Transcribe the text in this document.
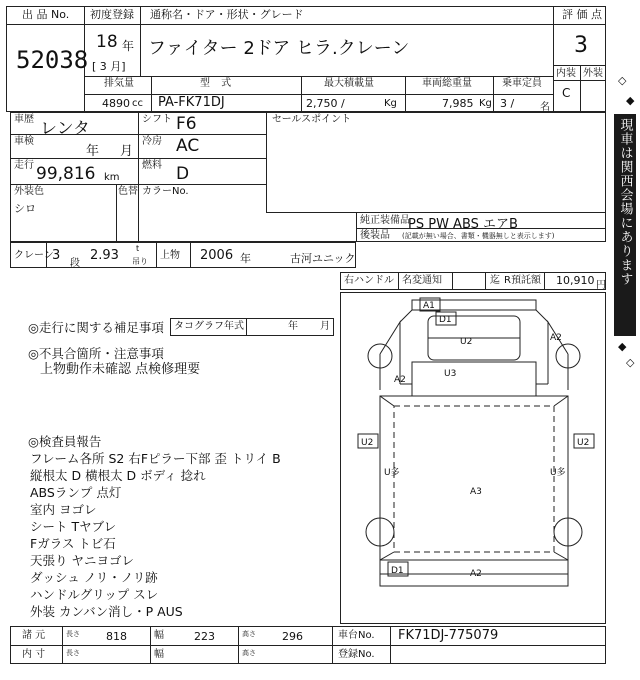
出 品 No.
52038
初度登録 通称名・ドア・形状・グレード
18 年
[ 3 月]
ファイター 2ドア ヒラ.クレーン
評 価 点
3
内装 外装
C
排気量	型 式	最大積載量	車両総重量	乗車定員
4890 cc PA-FK71DJ	2,750 /	Kg	7,985 Kg 3 /	名
◇
◆
現車は関西会場にあります
◆
◇
車歴 レンタ	シフト F6
車検
年 月
冷房 AC
走行 99,816 km
燃料 D
外装色
シロ
色替 カラーNo.
セールスポイント
純正装備品
PS PW ABS エアB
後装品 (記載が無い場合、書類・機器無しと表示します)
クレーン
3
段
2.93 t
吊り
上物 2006 年	古河ユニック
右ハンドル 名変通知	迄 R預託額 10,910 円
◎走行に関する補足事項 タコグラフ年式	年 月
◎不具合箇所・注意事項
上物動作未確認 点検修理要
◎検査員報告
フレーム各所 S2 右Fピラー下部 歪 トリイ B
縦根太 D 横根太 D ボディ 捻れ
ABSランプ 点灯
室内 ヨゴレ
シート Tヤブレ
Fガラス トビ石
天張り ヤニヨゴレ
ダッシュ ノリ・ノリ跡
ハンドルグリップ スレ
外装 カンバン消し・P AUS
A1
D1
U2	A2
A2
U3
U2	U2
U多	U多
A3
D1	A2
諸 元	長さ 818	幅	223	高さ 296	車台No. FK71DJ-775079
内 寸	長さ	幅	高さ	登録No.
